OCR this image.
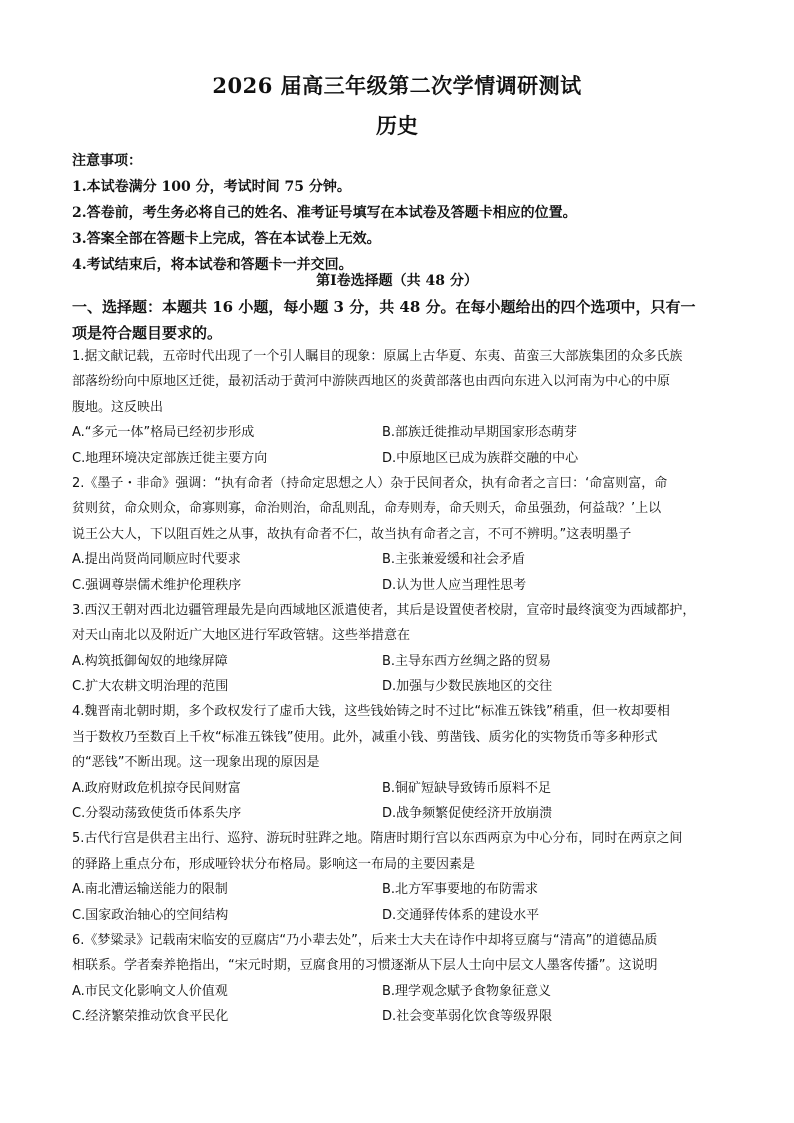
2026 届高三年级第二次学情调研测试
历史
注意事项：
1.本试卷满分 100 分，考试时间 75 分钟。
2.答卷前，考生务必将自己的姓名、准考证号填写在本试卷及答题卡相应的位置。
3.答案全部在答题卡上完成，答在本试卷上无效。
4.考试结束后，将本试卷和答题卡一并交回。
第Ⅰ卷选择题（共 48 分）
一、选择题：本题共 16 小题，每小题 3 分，共 48 分。在每小题给出的四个选项中，只有一
项是符合题目要求的。
1.据文献记载，五帝时代出现了一个引人瞩目的现象：原属上古华夏、东夷、苗蛮三大部族集团的众多氏族
部落纷纷向中原地区迁徙，最初活动于黄河中游陕西地区的炎黄部落也由西向东进入以河南为中心的中原
腹地。这反映出
A.“多元一体”格局已经初步形成	B.部族迁徙推动早期国家形态萌芽
C.地理环境决定部族迁徙主要方向	D.中原地区已成为族群交融的中心
2.《墨子・非命》强调：“执有命者（持命定思想之人）杂于民间者众，执有命者之言曰：‘命富则富，命
贫则贫，命众则众，命寡则寡，命治则治，命乱则乱，命寿则寿，命夭则夭，命虽强劲，何益哉？’上以
说王公大人，下以阻百姓之从事，故执有命者不仁，故当执有命者之言，不可不辨明。”这表明墨子
A.提出尚贤尚同顺应时代要求	B.主张兼爱缓和社会矛盾
C.强调尊崇儒术维护伦理秩序	D.认为世人应当理性思考
3.西汉王朝对西北边疆管理最先是向西域地区派遣使者，其后是设置使者校尉，宣帝时最终演变为西域都护，
对天山南北以及附近广大地区进行军政管辖。这些举措意在
A.构筑抵御匈奴的地缘屏障	B.主导东西方丝绸之路的贸易
C.扩大农耕文明治理的范围	D.加强与少数民族地区的交往
4.魏晋南北朝时期，多个政权发行了虚币大钱，这些钱始铸之时不过比“标准五铢钱”稍重，但一枚却要相
当于数枚乃至数百上千枚“标准五铢钱”使用。此外，减重小钱、剪凿钱、质劣化的实物货币等多种形式
的“恶钱”不断出现。这一现象出现的原因是
A.政府财政危机掠夺民间财富	B.铜矿短缺导致铸币原料不足
C.分裂动荡致使货币体系失序	D.战争频繁促使经济开放崩溃
5.古代行宫是供君主出行、巡狩、游玩时驻跸之地。隋唐时期行宫以东西两京为中心分布，同时在两京之间
的驿路上重点分布，形成哑铃状分布格局。影响这一布局的主要因素是
A.南北漕运输送能力的限制	B.北方军事要地的布防需求
C.国家政治轴心的空间结构	D.交通驿传体系的建设水平
6.《梦粱录》记载南宋临安的豆腐店“乃小辈去处”，后来士大夫在诗作中却将豆腐与“清高”的道德品质
相联系。学者秦养艳指出，“宋元时期，豆腐食用的习惯逐渐从下层人士向中层文人墨客传播”。这说明
A.市民文化影响文人价值观	B.理学观念赋予食物象征意义
C.经济繁荣推动饮食平民化	D.社会变革弱化饮食等级界限
